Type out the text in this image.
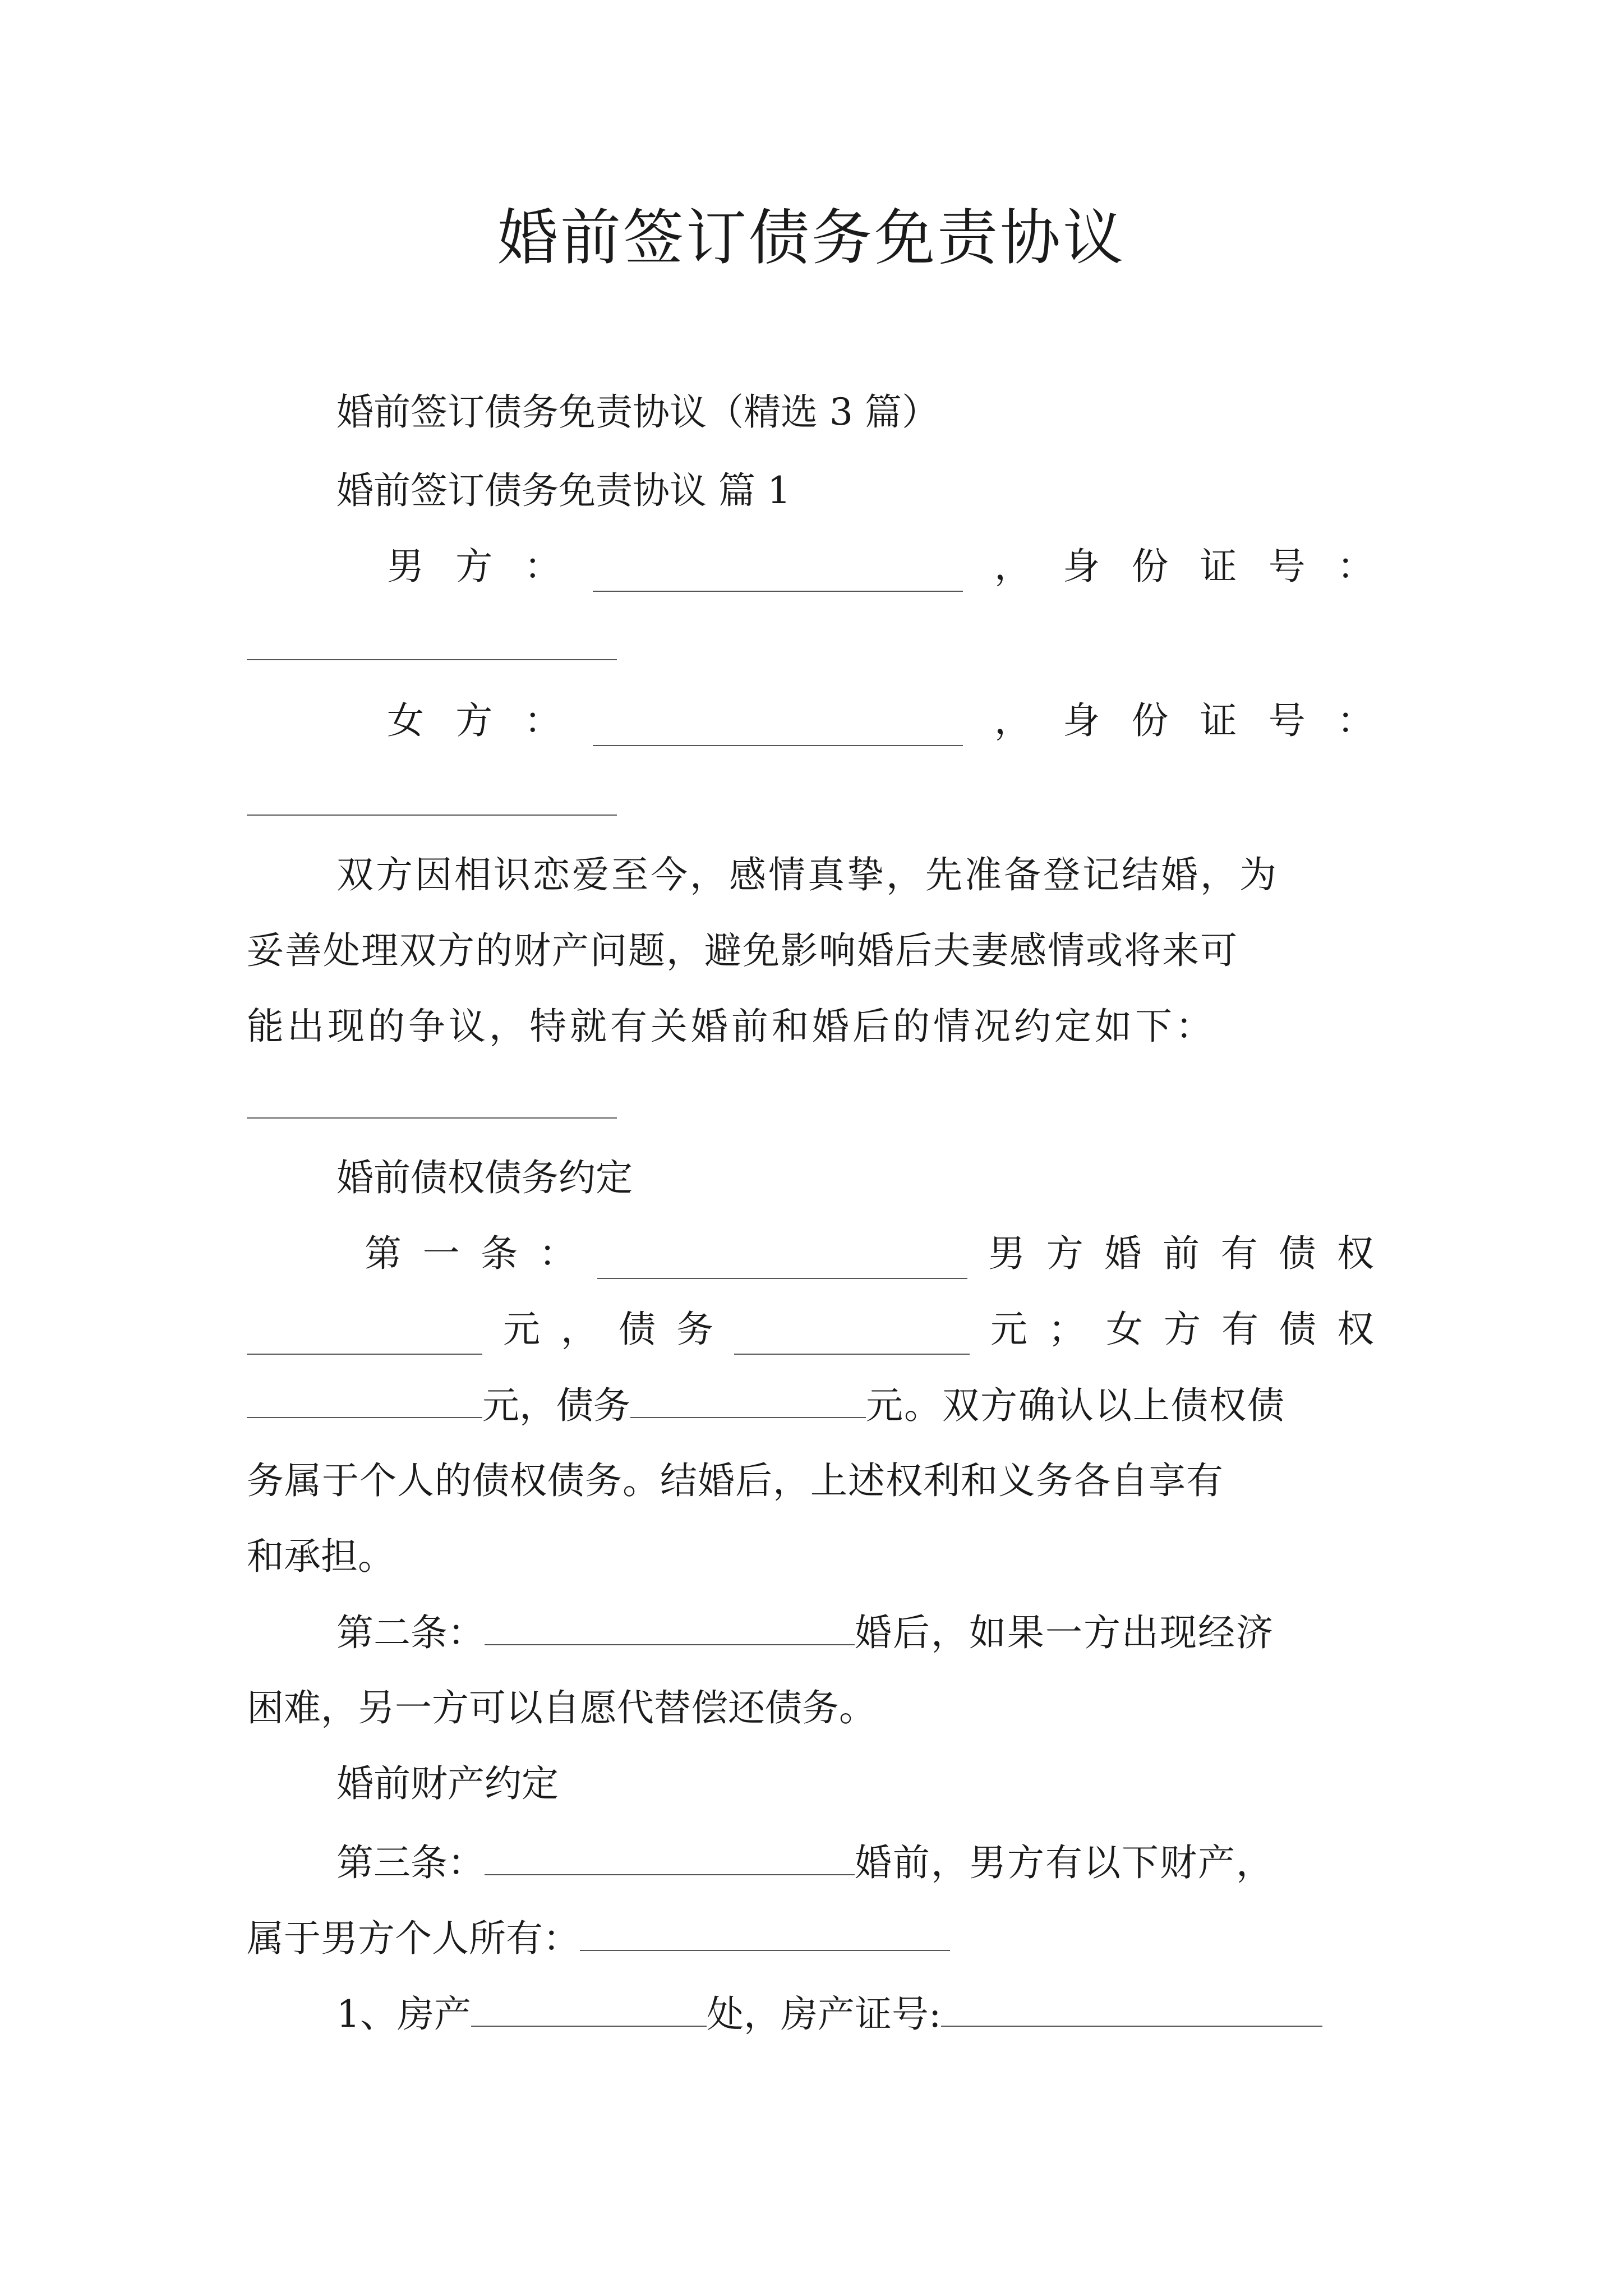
婚前签订债务免责协议
婚前签订债务免责协议（精选 3 篇）
婚前签订债务免责协议 篇 1
男 方 ：	， 身 份 证 号 ：
女 方 ：	， 身 份 证 号 ：
双方因相识恋爱至今，感情真挚，先准备登记结婚，为
妥善处理双方的财产问题，避免影响婚后夫妻感情或将来可
能出现的争议，特就有关婚前和婚后的情况约定如下：
婚前债权债务约定
第 一 条 ：	男 方 婚 前 有 债 权
元 ， 债 务	元 ； 女 方 有 债 权
元，债务	元。双方确认以上债权债
务属于个人的债权债务。结婚后，上述权利和义务各自享有
和承担。
第二条：	婚后，如果一方出现经济
困难，另一方可以自愿代替偿还债务。
婚前财产约定
第三条：	婚前，男方有以下财产，
属于男方个人所有：
1、房产	处，房产证号:
